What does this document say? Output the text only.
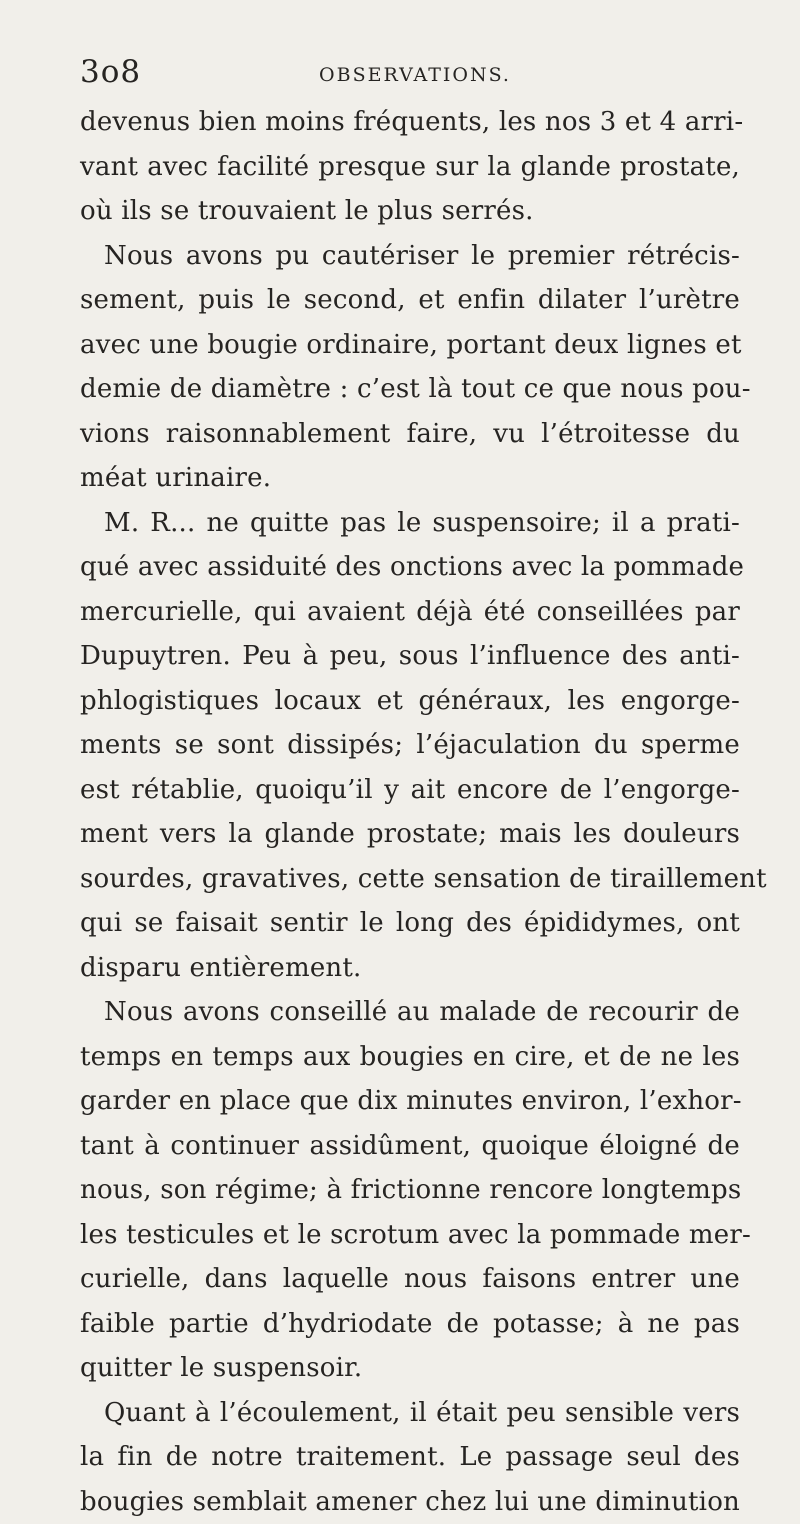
3o8	OBSERVATIONS.
devenus bien moins fréquents, les nos 3 et 4 arri-
vant avec facilité presque sur la glande prostate,
où ils se trouvaient le plus serrés.
Nous avons pu cautériser le premier rétrécis-
sement, puis le second, et enfin dilater l’urètre
avec une bougie ordinaire, portant deux lignes et
demie de diamètre : c’est là tout ce que nous pou-
vions raisonnablement faire, vu l’étroitesse du
méat urinaire.
M. R... ne quitte pas le suspensoire; il a prati-
qué avec assiduité des onctions avec la pommade
mercurielle, qui avaient déjà été conseillées par
Dupuytren. Peu à peu, sous l’influence des anti-
phlogistiques locaux et généraux, les engorge-
ments se sont dissipés; l’éjaculation du sperme
est rétablie, quoiqu’il y ait encore de l’engorge-
ment vers la glande prostate; mais les douleurs
sourdes, gravatives, cette sensation de tiraillement
qui se faisait sentir le long des épididymes, ont
disparu entièrement.
Nous avons conseillé au malade de recourir de
temps en temps aux bougies en cire, et de ne les
garder en place que dix minutes environ, l’exhor-
tant à continuer assidûment, quoique éloigné de
nous, son régime; à frictionne rencore longtemps
les testicules et le scrotum avec la pommade mer-
curielle, dans laquelle nous faisons entrer une
faible partie d’hydriodate de potasse; à ne pas
quitter le suspensoir.
Quant à l’écoulement, il était peu sensible vers
la fin de notre traitement. Le passage seul des
bougies semblait amener chez lui une diminution
